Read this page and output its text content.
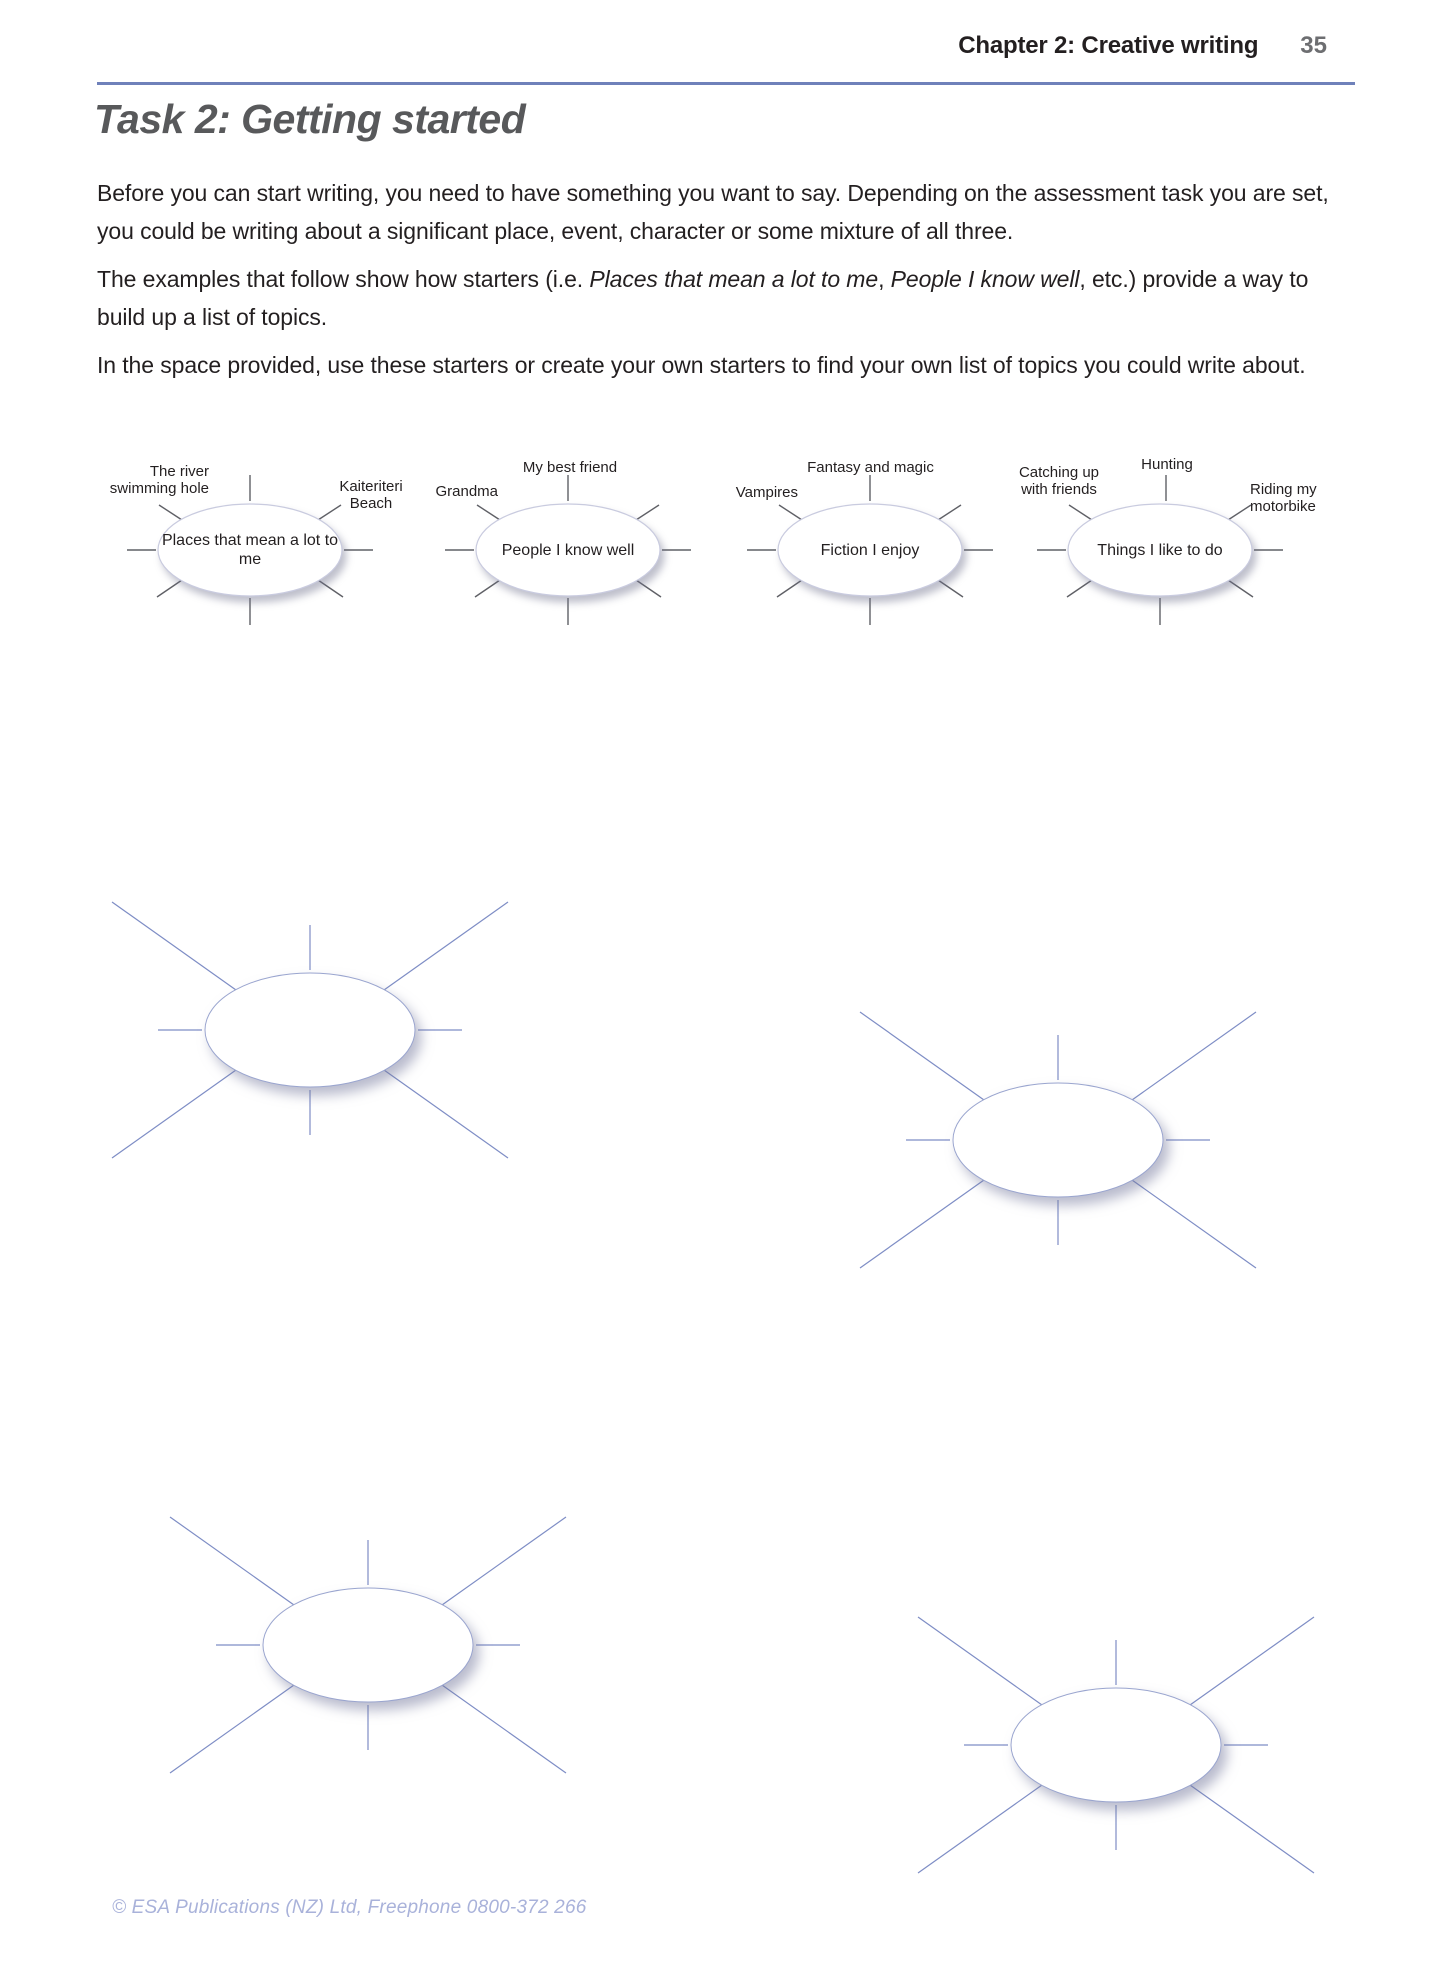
Chapter 2: Creative writing 35
Task 2: Getting started
Before you can start writing, you need to have something you want to say. Depending on the assessment task you are set, you could be writing about a significant place, event, character or some mixture of all three.
The examples that follow show how starters (i.e. Places that mean a lot to me, People I know well, etc.) provide a way to build up a list of topics.
In the space provided, use these starters or create your own starters to find your own list of topics you could write about.
Places that mean a lot to me
The river swimming hole	Kaiteriteri Beach
People I know well
Grandma
My best friend
Fiction I enjoy
Vampires
Fantasy and magic
Things I like to do
Catching up with friends
Hunting
Riding my motorbike
© ESA Publications (NZ) Ltd, Freephone 0800-372 266
